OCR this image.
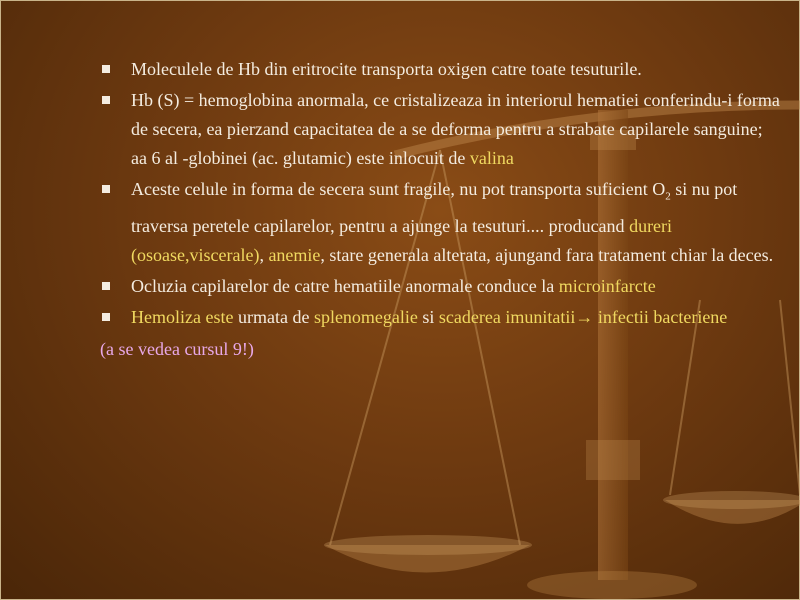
Moleculele de Hb din eritrocite transporta oxigen catre toate tesuturile.
Hb (S) = hemoglobina anormala, ce cristalizeaza in interiorul hematiei conferindu-i forma de secera, ea pierzand capacitatea de a se deforma pentru a strabate capilarele sanguine; aa 6 al -globinei (ac. glutamic) este inlocuit de valina
Aceste celule in forma de secera sunt fragile, nu pot transporta suficient $O_2$ si nu pot traversa peretele capilarelor, pentru a ajunge la tesuturi.... producand dureri (osoase,viscerale), anemie, stare generala alterata, ajungand fara tratament chiar la deces.
Ocluzia capilarelor de catre hematiile anormale conduce la microinfarcte
Hemoliza este urmata de splenomegalie si scaderea imunitatii→ infectii bacteriene
(a se vedea cursul 9!)
